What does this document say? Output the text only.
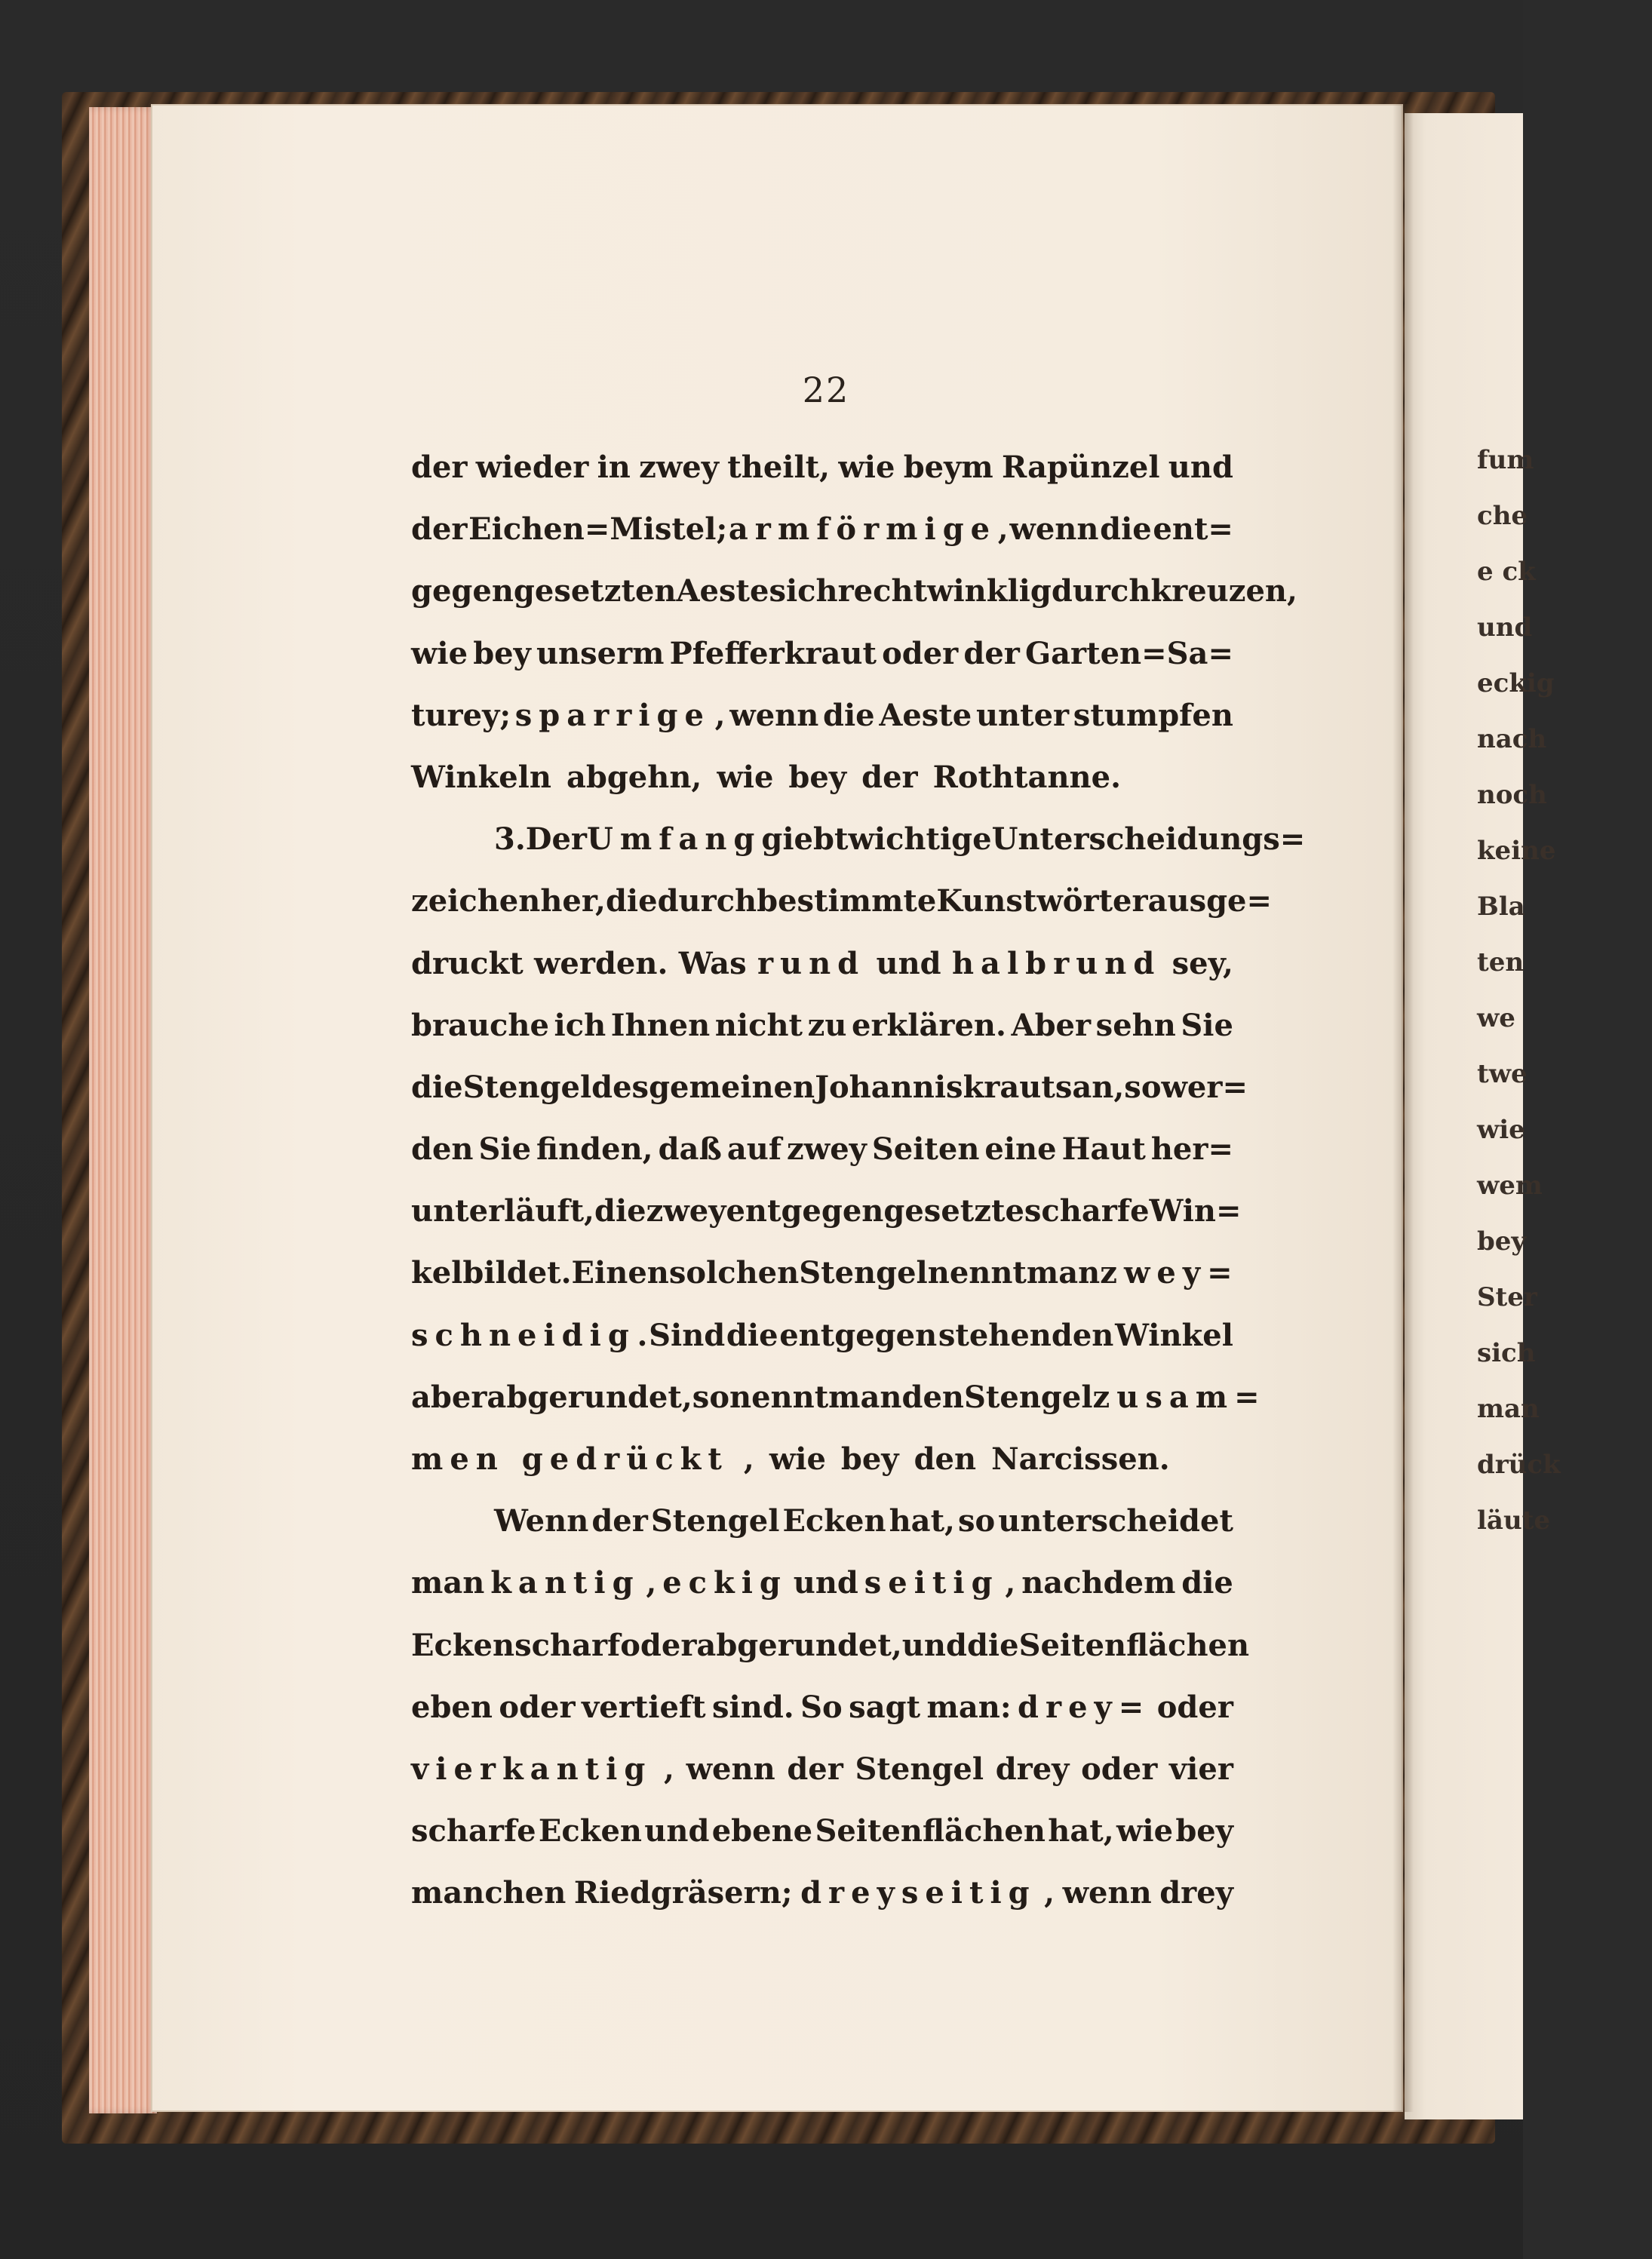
22
der wieder in zwey theilt, wie beym Rapünzel und
der Eichen=Mistel; armförmige , wenn die ent=
gegen gesetzten Aeste sich rechtwinklig durchkreuzen,
wie bey unserm Pfefferkraut oder der Garten=Sa=
turey; sparrige , wenn die Aeste unter stumpfen
Winkeln abgehn, wie bey der Rothtanne.
3. Der Umfang giebt wichtige Unterscheidungs=
zeichen her, die durch bestimmte Kunstwörter ausge=
druckt werden. Was rund und halbrund sey,
brauche ich Ihnen nicht zu erklären. Aber sehn Sie
die Stengel des gemeinen Johanniskrauts an, so wer=
den Sie finden, daß auf zwey Seiten eine Haut her=
unter läuft, die zwey entgegen gesetzte scharfe Win=
kel bildet. Einen solchen Stengel nennt man zwey=
schneidig . Sind die entgegen stehenden Winkel
aber abgerundet, so nennt man den Stengel zusam=
men gedrückt , wie bey den Narcissen.
Wenn der Stengel Ecken hat, so unterscheidet
man kantig , eckig und seitig , nachdem die
Ecken scharf oder abgerundet, und die Seitenflächen
eben oder vertieft sind. So sagt man: drey= oder
vierkantig , wenn der Stengel drey oder vier
scharfe Ecken und ebene Seitenflächen hat, wie bey
manchen Riedgräsern; dreyseitig , wenn drey
fum
che
e ck
und
eckig
nach
noch
keine
Bla
ten
we
twe
wie
wem
bey
Ster
sich
man
drück
läute
